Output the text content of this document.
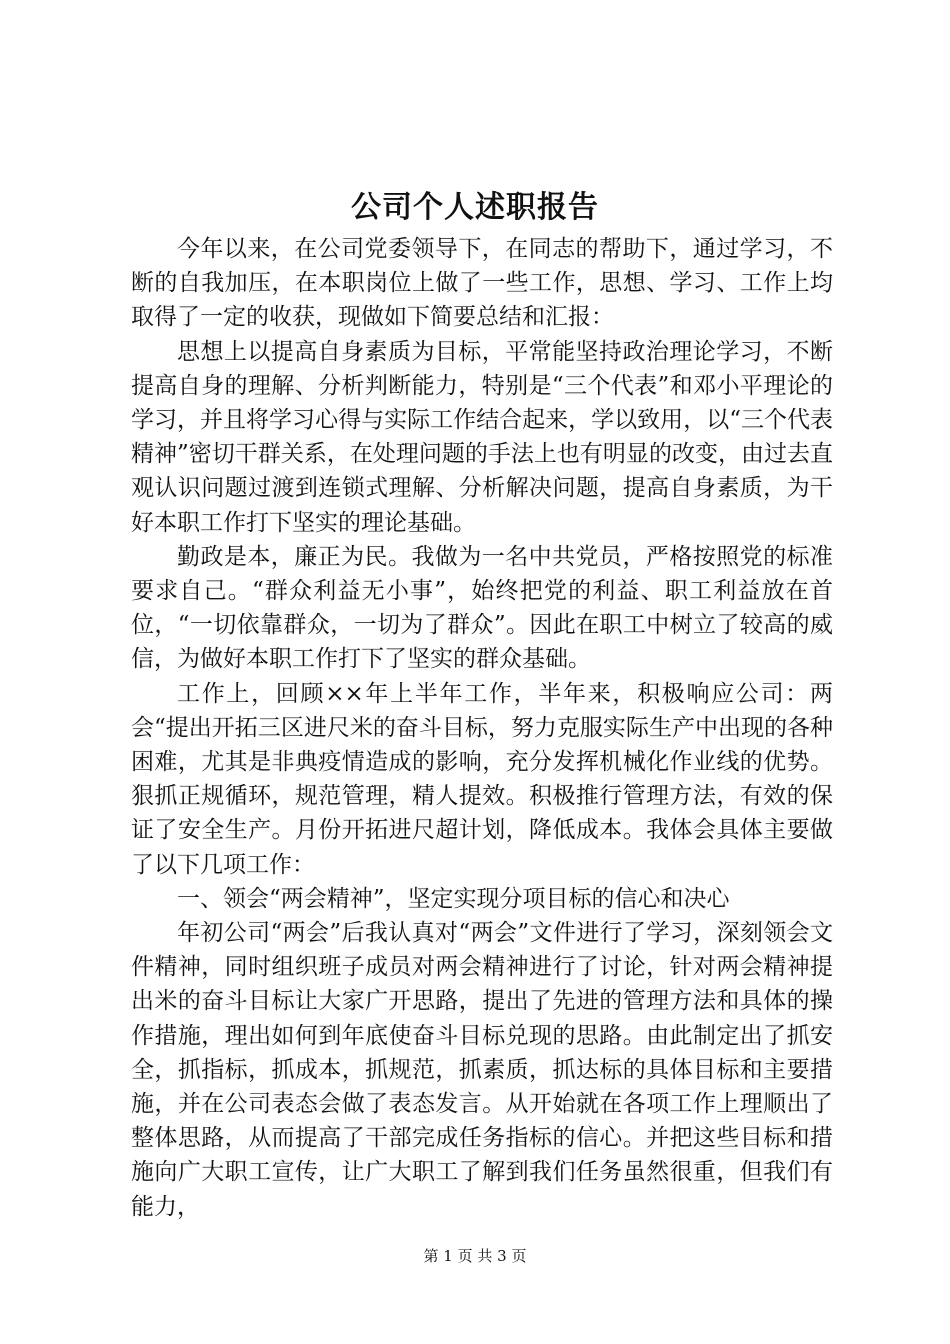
公司个人述职报告

今年以来，在公司党委领导下，在同志的帮助下，通过学习，不断的自我加压，在本职岗位上做了一些工作，思想、学习、工作上均取得了一定的收获，现做如下简要总结和汇报：

思想上以提高自身素质为目标，平常能坚持政治理论学习，不断提高自身的理解、分析判断能力，特别是“三个代表”和邓小平理论的学习，并且将学习心得与实际工作结合起来，学以致用，以“三个代表精神”密切干群关系，在处理问题的手法上也有明显的改变，由过去直观认识问题过渡到连锁式理解、分析解决问题，提高自身素质，为干好本职工作打下坚实的理论基础。

勤政是本，廉正为民。我做为一名中共党员，严格按照党的标准要求自己。“群众利益无小事”，始终把党的利益、职工利益放在首位，“一切依靠群众，一切为了群众”。因此在职工中树立了较高的威信，为做好本职工作打下了坚实的群众基础。

工作上，回顾××年上半年工作，半年来，积极响应公司：两会“提出开拓三区进尺米的奋斗目标，努力克服实际生产中出现的各种困难，尤其是非典疫情造成的影响，充分发挥机械化作业线的优势。狠抓正规循环，规范管理，精人提效。积极推行管理方法，有效的保证了安全生产。月份开拓进尺超计划，降低成本。我体会具体主要做了以下几项工作：

一、领会“两会精神”，坚定实现分项目标的信心和决心

年初公司“两会”后我认真对“两会”文件进行了学习，深刻领会文件精神，同时组织班子成员对两会精神进行了讨论，针对两会精神提出米的奋斗目标让大家广开思路，提出了先进的管理方法和具体的操作措施，理出如何到年底使奋斗目标兑现的思路。由此制定出了抓安全，抓指标，抓成本，抓规范，抓素质，抓达标的具体目标和主要措施，并在公司表态会做了表态发言。从开始就在各项工作上理顺出了整体思路，从而提高了干部完成任务指标的信心。并把这些目标和措施向广大职工宣传，让广大职工了解到我们任务虽然很重，但我们有能力，

第 1 页 共 3 页
